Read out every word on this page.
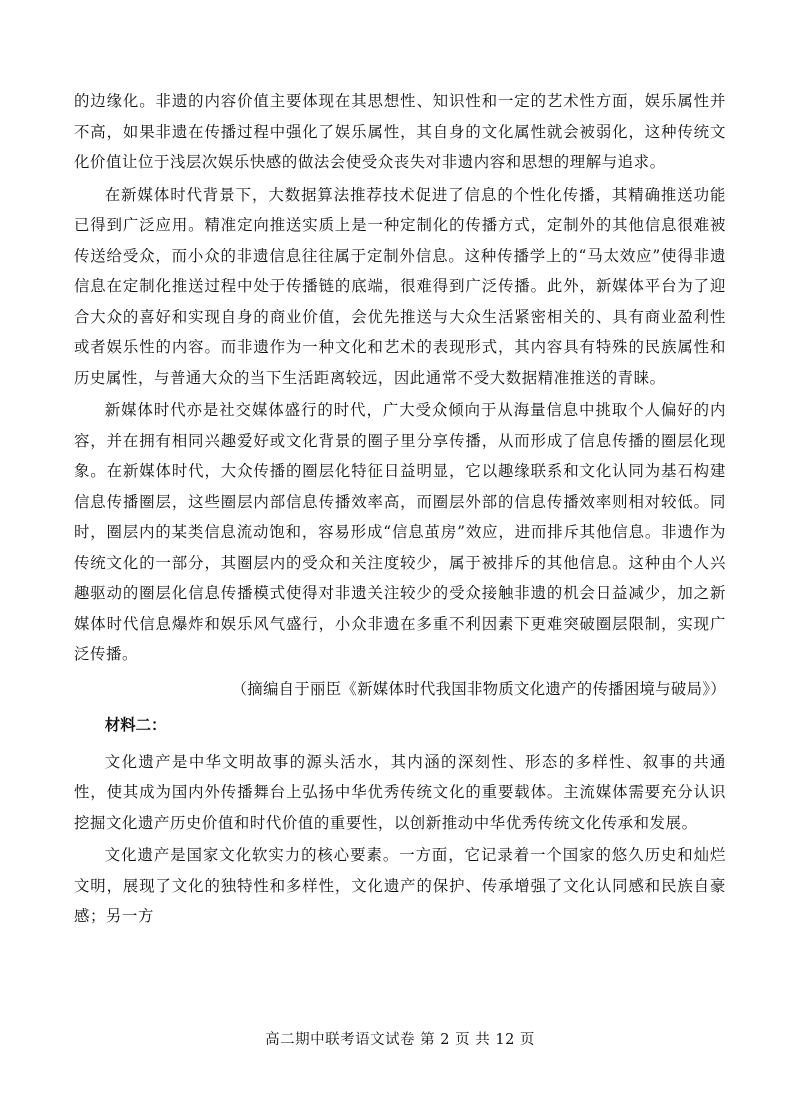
的边缘化。非遗的内容价值主要体现在其思想性、知识性和一定的艺术性方面，娱乐属性并不高，如果非遗在传播过程中强化了娱乐属性，其自身的文化属性就会被弱化，这种传统文化价值让位于浅层次娱乐快感的做法会使受众丧失对非遗内容和思想的理解与追求。

在新媒体时代背景下，大数据算法推荐技术促进了信息的个性化传播，其精确推送功能已得到广泛应用。精准定向推送实质上是一种定制化的传播方式，定制外的其他信息很难被传送给受众，而小众的非遗信息往往属于定制外信息。这种传播学上的“马太效应”使得非遗信息在定制化推送过程中处于传播链的底端，很难得到广泛传播。此外，新媒体平台为了迎合大众的喜好和实现自身的商业价值，会优先推送与大众生活紧密相关的、具有商业盈利性或者娱乐性的内容。而非遗作为一种文化和艺术的表现形式，其内容具有特殊的民族属性和历史属性，与普通大众的当下生活距离较远，因此通常不受大数据精准推送的青睐。

新媒体时代亦是社交媒体盛行的时代，广大受众倾向于从海量信息中挑取个人偏好的内容，并在拥有相同兴趣爱好或文化背景的圈子里分享传播，从而形成了信息传播的圈层化现象。在新媒体时代，大众传播的圈层化特征日益明显，它以趣缘联系和文化认同为基石构建信息传播圈层，这些圈层内部信息传播效率高，而圈层外部的信息传播效率则相对较低。同时，圈层内的某类信息流动饱和，容易形成“信息茧房”效应，进而排斥其他信息。非遗作为传统文化的一部分，其圈层内的受众和关注度较少，属于被排斥的其他信息。这种由个人兴趣驱动的圈层化信息传播模式使得对非遗关注较少的受众接触非遗的机会日益减少，加之新媒体时代信息爆炸和娱乐风气盛行，小众非遗在多重不利因素下更难突破圈层限制，实现广泛传播。

（摘编自于丽臣《新媒体时代我国非物质文化遗产的传播困境与破局》）
材料二：

文化遗产是中华文明故事的源头活水，其内涵的深刻性、形态的多样性、叙事的共通性，使其成为国内外传播舞台上弘扬中华优秀传统文化的重要载体。主流媒体需要充分认识挖掘文化遗产历史价值和时代价值的重要性，以创新推动中华优秀传统文化传承和发展。

文化遗产是国家文化软实力的核心要素。一方面，它记录着一个国家的悠久历史和灿烂文明，展现了文化的独特性和多样性，文化遗产的保护、传承增强了文化认同感和民族自豪感；另一方

高二期中联考语文试卷 第 2 页 共 12 页
